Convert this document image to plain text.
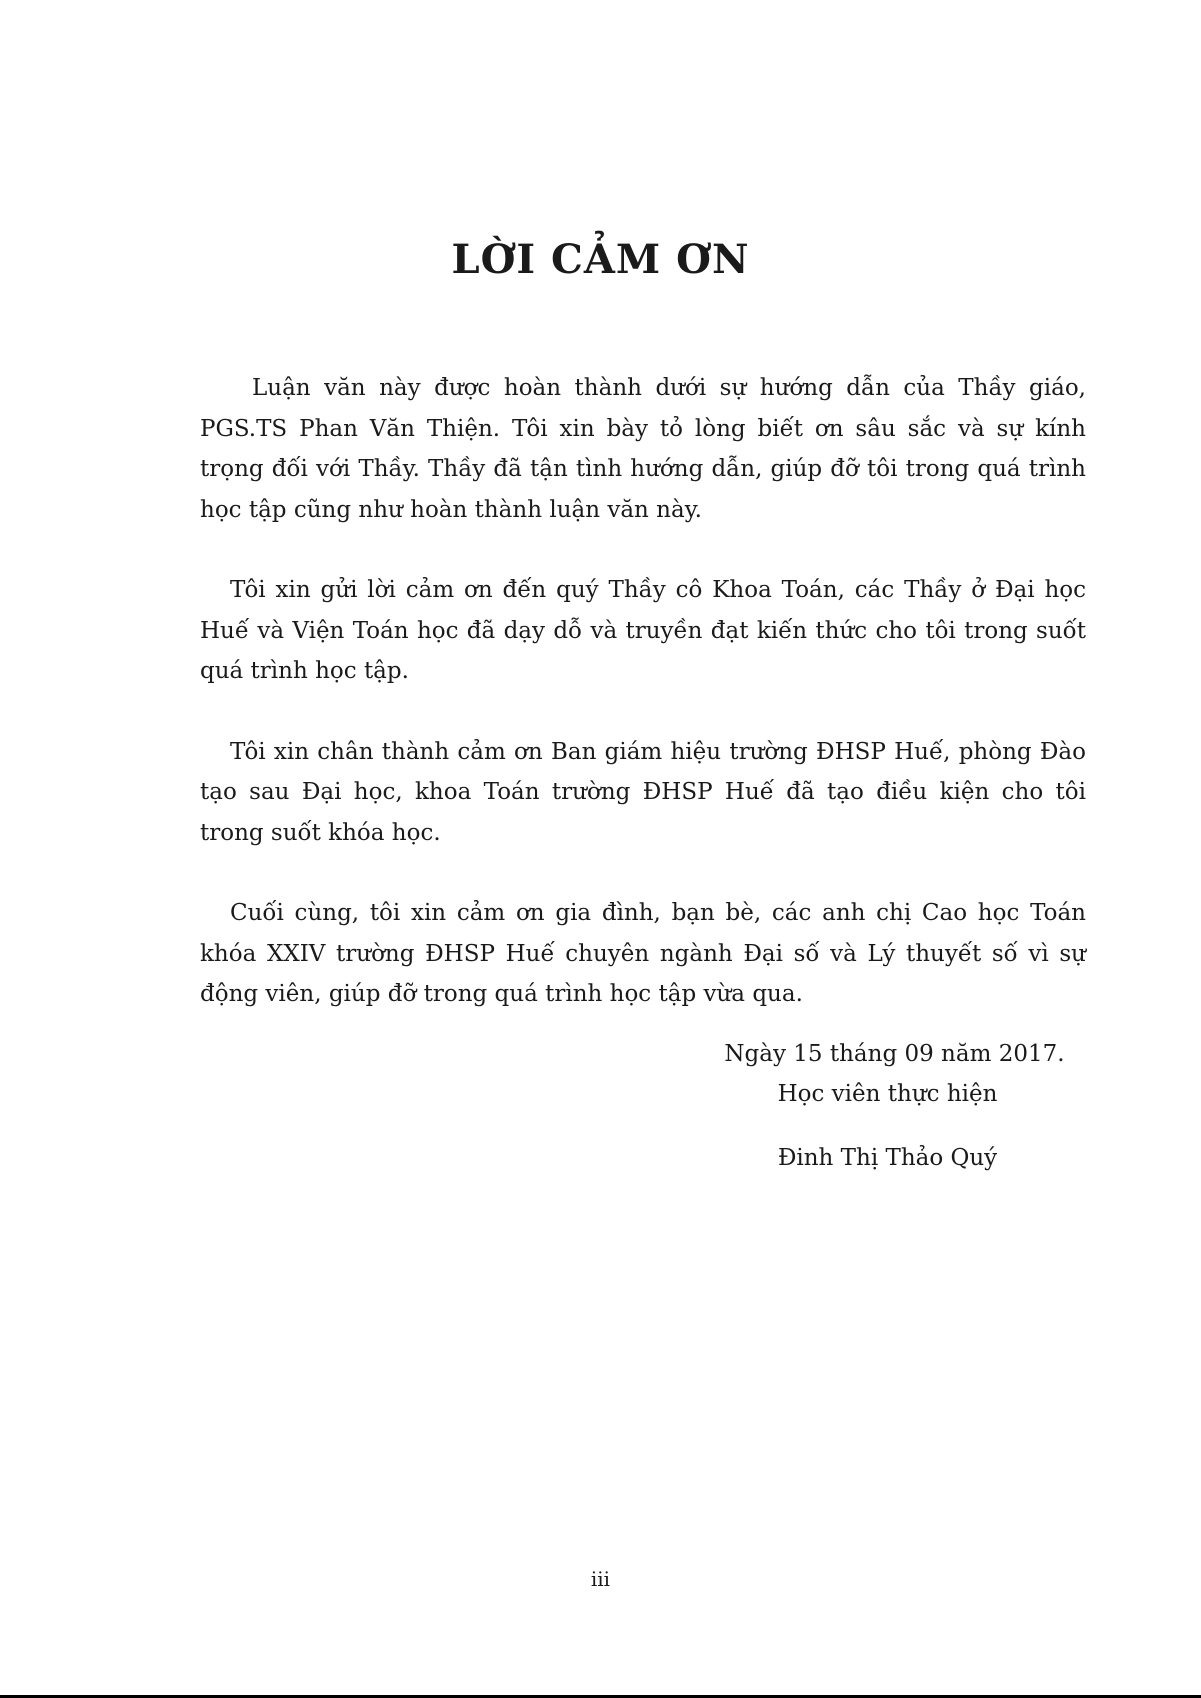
LỜI CẢM ƠN

Luận văn này được hoàn thành dưới sự hướng dẫn của Thầy giáo, PGS.TS Phan Văn Thiện. Tôi xin bày tỏ lòng biết ơn sâu sắc và sự kính trọng đối với Thầy. Thầy đã tận tình hướng dẫn, giúp đỡ tôi trong quá trình học tập cũng như hoàn thành luận văn này.

Tôi xin gửi lời cảm ơn đến quý Thầy cô Khoa Toán, các Thầy ở Đại học Huế và Viện Toán học đã dạy dỗ và truyền đạt kiến thức cho tôi trong suốt quá trình học tập.

Tôi xin chân thành cảm ơn Ban giám hiệu trường ĐHSP Huế, phòng Đào tạo sau Đại học, khoa Toán trường ĐHSP Huế đã tạo điều kiện cho tôi trong suốt khóa học.

Cuối cùng, tôi xin cảm ơn gia đình, bạn bè, các anh chị Cao học Toán khóa XXIV trường ĐHSP Huế chuyên ngành Đại số và Lý thuyết số vì sự động viên, giúp đỡ trong quá trình học tập vừa qua.

Ngày 15 tháng 09 năm 2017.

Học viên thực hiện

Đinh Thị Thảo Quý

iii
